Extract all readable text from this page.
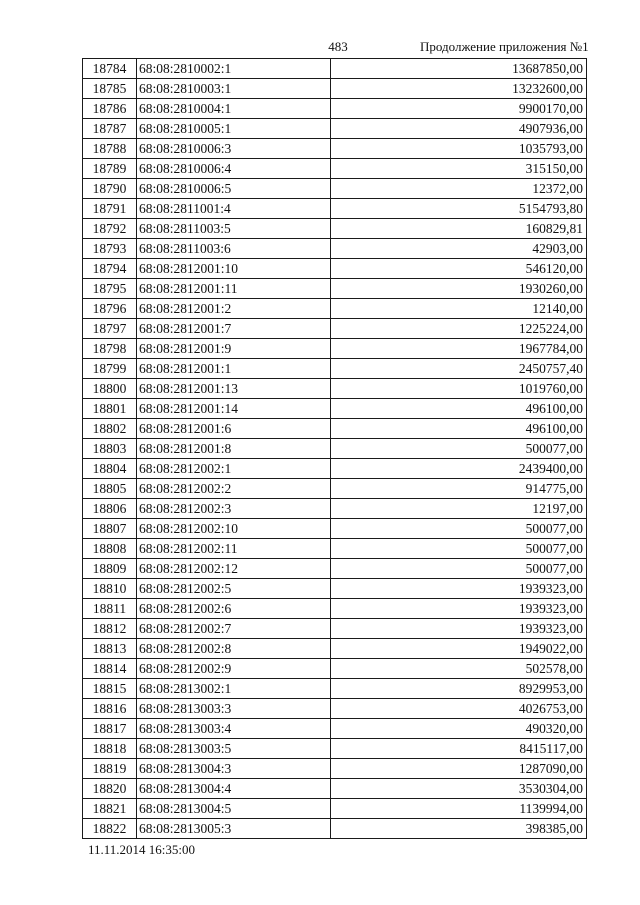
483	Продолжение приложения №1
18784	68:08:2810002:1	13687850,00
18785	68:08:2810003:1	13232600,00
18786	68:08:2810004:1	9900170,00
18787	68:08:2810005:1	4907936,00
18788	68:08:2810006:3	1035793,00
18789	68:08:2810006:4	315150,00
18790	68:08:2810006:5	12372,00
18791	68:08:2811001:4	5154793,80
18792	68:08:2811003:5	160829,81
18793	68:08:2811003:6	42903,00
18794	68:08:2812001:10	546120,00
18795	68:08:2812001:11	1930260,00
18796	68:08:2812001:2	12140,00
18797	68:08:2812001:7	1225224,00
18798	68:08:2812001:9	1967784,00
18799	68:08:2812001:1	2450757,40
18800	68:08:2812001:13	1019760,00
18801	68:08:2812001:14	496100,00
18802	68:08:2812001:6	496100,00
18803	68:08:2812001:8	500077,00
18804	68:08:2812002:1	2439400,00
18805	68:08:2812002:2	914775,00
18806	68:08:2812002:3	12197,00
18807	68:08:2812002:10	500077,00
18808	68:08:2812002:11	500077,00
18809	68:08:2812002:12	500077,00
18810	68:08:2812002:5	1939323,00
18811	68:08:2812002:6	1939323,00
18812	68:08:2812002:7	1939323,00
18813	68:08:2812002:8	1949022,00
18814	68:08:2812002:9	502578,00
18815	68:08:2813002:1	8929953,00
18816	68:08:2813003:3	4026753,00
18817	68:08:2813003:4	490320,00
18818	68:08:2813003:5	8415117,00
18819	68:08:2813004:3	1287090,00
18820	68:08:2813004:4	3530304,00
18821	68:08:2813004:5	1139994,00
18822	68:08:2813005:3	398385,00
11.11.2014 16:35:00
